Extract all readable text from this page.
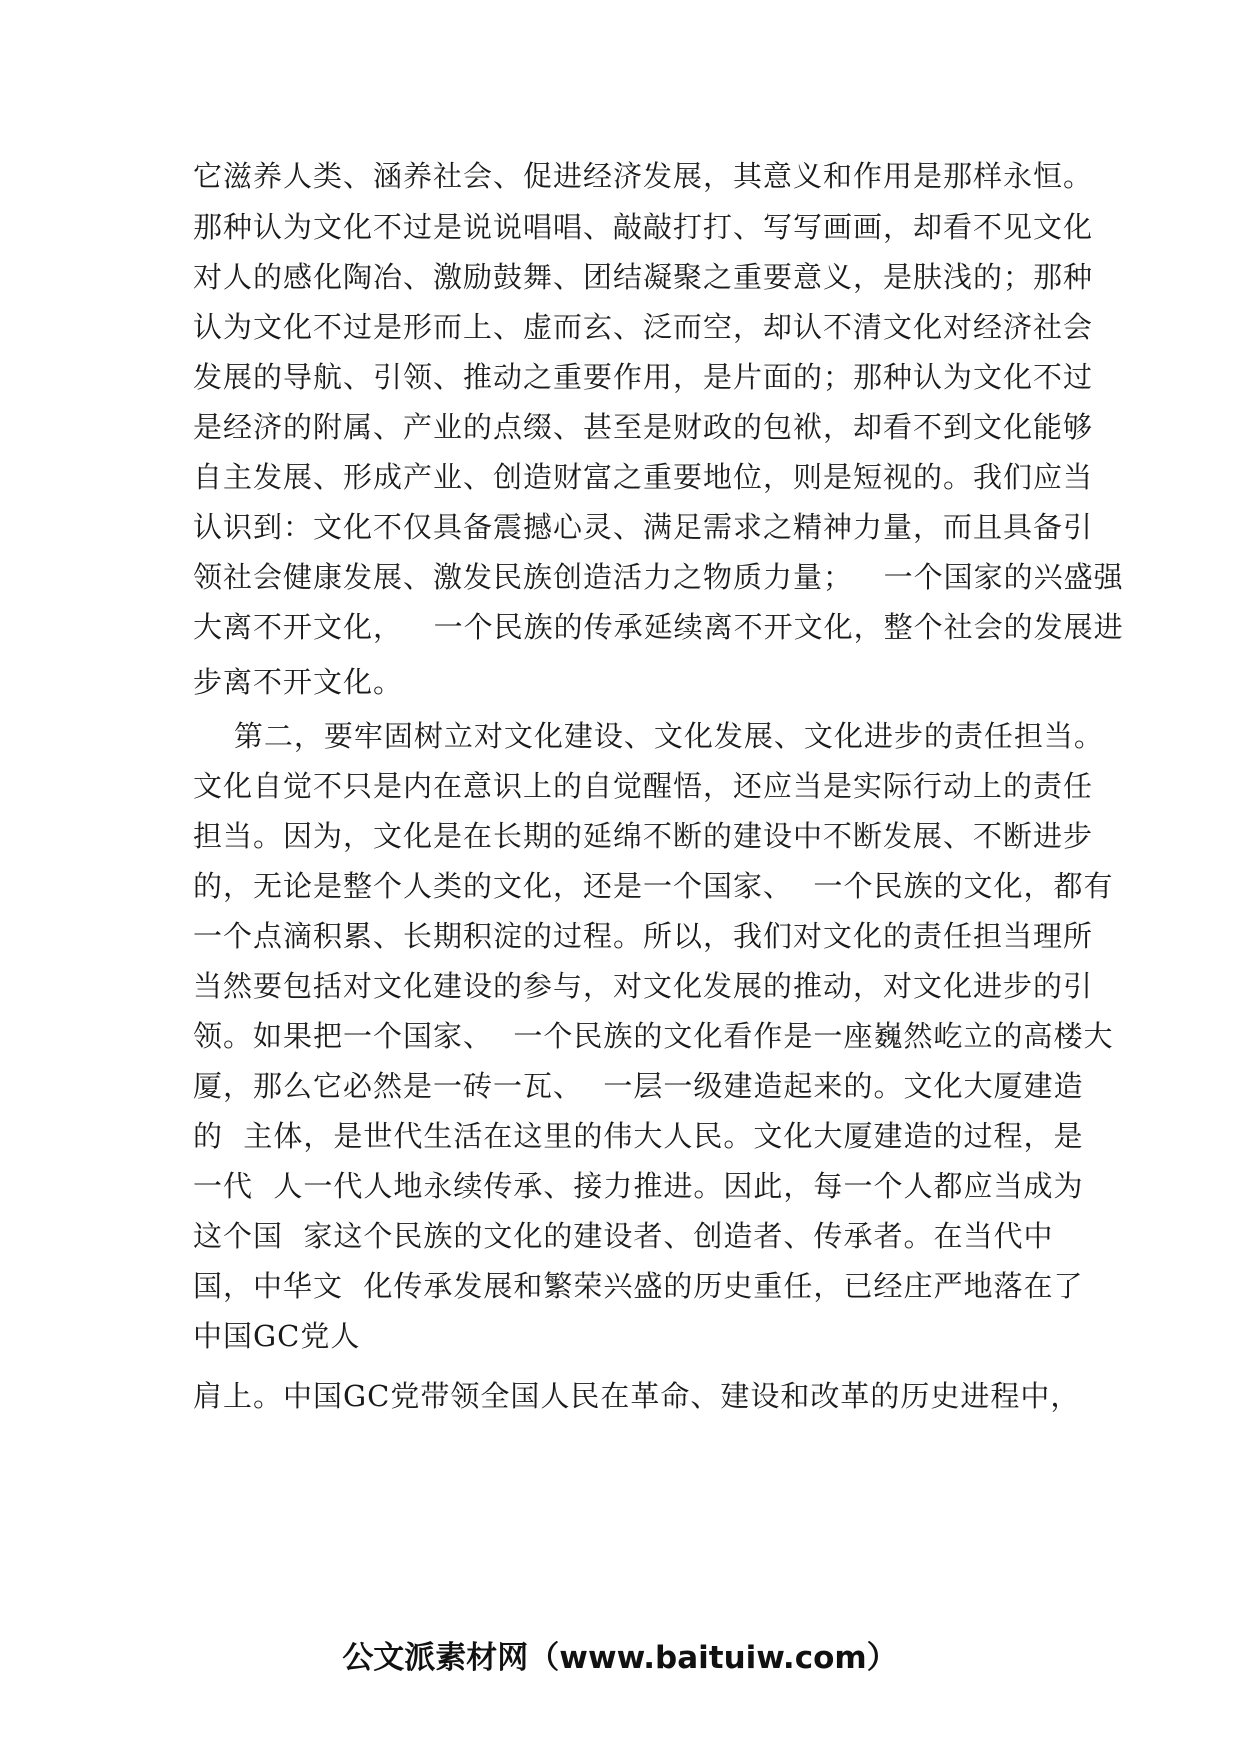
它滋养人类、涵养社会、促进经济发展，其意义和作用是那样永恒。
那种认为文化不过是说说唱唱、敲敲打打、写写画画，却看不见文化
对人的感化陶冶、激励鼓舞、团结凝聚之重要意义，是肤浅的；那种
认为文化不过是形而上、虚而玄、泛而空，却认不清文化对经济社会
发展的导航、引领、推动之重要作用，是片面的；那种认为文化不过
是经济的附属、产业的点缀、甚至是财政的包袱，却看不到文化能够
自主发展、形成产业、创造财富之重要地位，则是短视的。我们应当
认识到：文化不仅具备震撼心灵、满足需求之精神力量，而且具备引
领社会健康发展、激发民族创造活力之物质力量；   一个国家的兴盛强
大离不开文化，   一个民族的传承延续离不开文化，整个社会的发展进
步离不开文化。
第二，要牢固树立对文化建设、文化发展、文化进步的责任担当。
文化自觉不只是内在意识上的自觉醒悟，还应当是实际行动上的责任
担当。因为，文化是在长期的延绵不断的建设中不断发展、不断进步
的，无论是整个人类的文化，还是一个国家、  一个民族的文化，都有
一个点滴积累、长期积淀的过程。所以，我们对文化的责任担当理所
当然要包括对文化建设的参与，对文化发展的推动，对文化进步的引
领。如果把一个国家、  一个民族的文化看作是一座巍然屹立的高楼大
厦，那么它必然是一砖一瓦、  一层一级建造起来的。文化大厦建造
的  主体，是世代生活在这里的伟大人民。文化大厦建造的过程，是
一代  人一代人地永续传承、接力推进。因此，每一个人都应当成为
这个国  家这个民族的文化的建设者、创造者、传承者。在当代中
国，中华文  化传承发展和繁荣兴盛的历史重任，已经庄严地落在了
中国GC党人
肩上。中国GC党带领全国人民在革命、建设和改革的历史进程中，
公文派素材网（www.baituiw.com）
